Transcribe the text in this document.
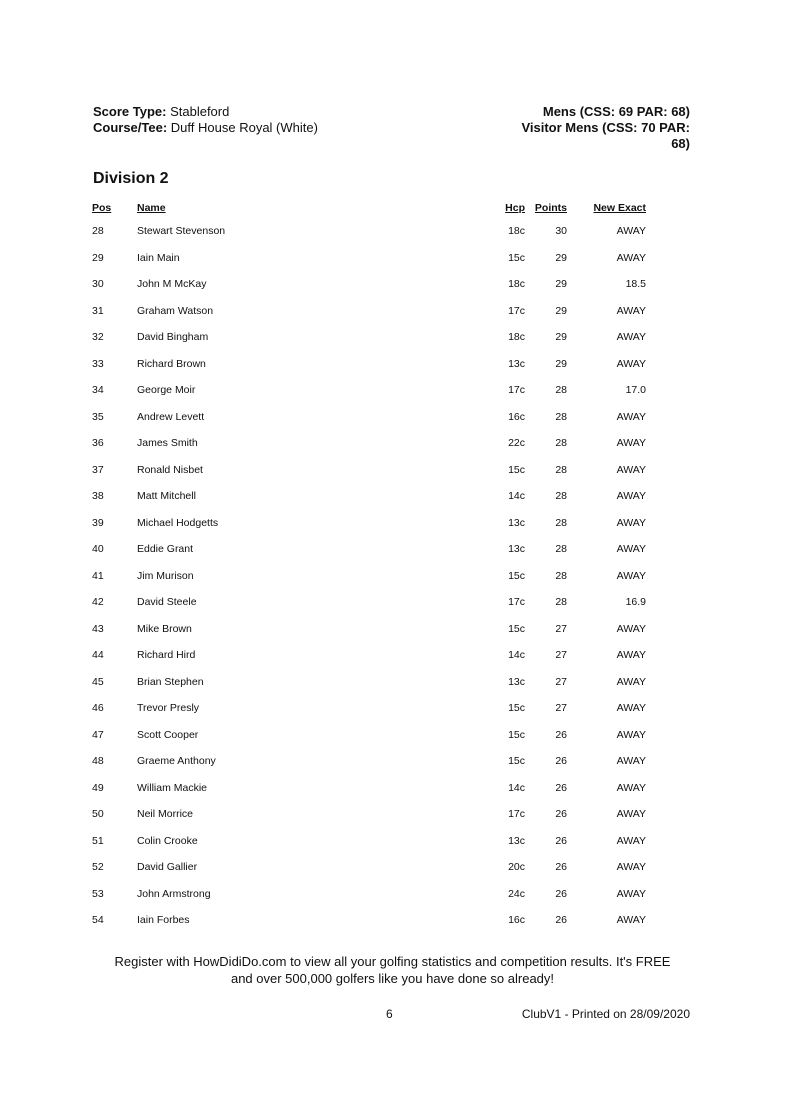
Score Type: Stableford
Course/Tee: Duff House Royal (White)
Mens (CSS: 69 PAR: 68)
Visitor Mens (CSS: 70 PAR:
68)
Division 2
Pos	Name	Hcp	Points	New Exact
28	Stewart Stevenson	18c	30	AWAY
29	Iain Main	15c	29	AWAY
30	John M McKay	18c	29	18.5
31	Graham Watson	17c	29	AWAY
32	David Bingham	18c	29	AWAY
33	Richard Brown	13c	29	AWAY
34	George Moir	17c	28	17.0
35	Andrew Levett	16c	28	AWAY
36	James Smith	22c	28	AWAY
37	Ronald Nisbet	15c	28	AWAY
38	Matt Mitchell	14c	28	AWAY
39	Michael Hodgetts	13c	28	AWAY
40	Eddie Grant	13c	28	AWAY
41	Jim Murison	15c	28	AWAY
42	David Steele	17c	28	16.9
43	Mike Brown	15c	27	AWAY
44	Richard Hird	14c	27	AWAY
45	Brian Stephen	13c	27	AWAY
46	Trevor Presly	15c	27	AWAY
47	Scott Cooper	15c	26	AWAY
48	Graeme Anthony	15c	26	AWAY
49	William Mackie	14c	26	AWAY
50	Neil Morrice	17c	26	AWAY
51	Colin Crooke	13c	26	AWAY
52	David Gallier	20c	26	AWAY
53	John Armstrong	24c	26	AWAY
54	Iain Forbes	16c	26	AWAY
Register with HowDidiDo.com to view all your golfing statistics and competition results. It's FREE
and over 500,000 golfers like you have done so already!
6	ClubV1 - Printed on 28/09/2020
